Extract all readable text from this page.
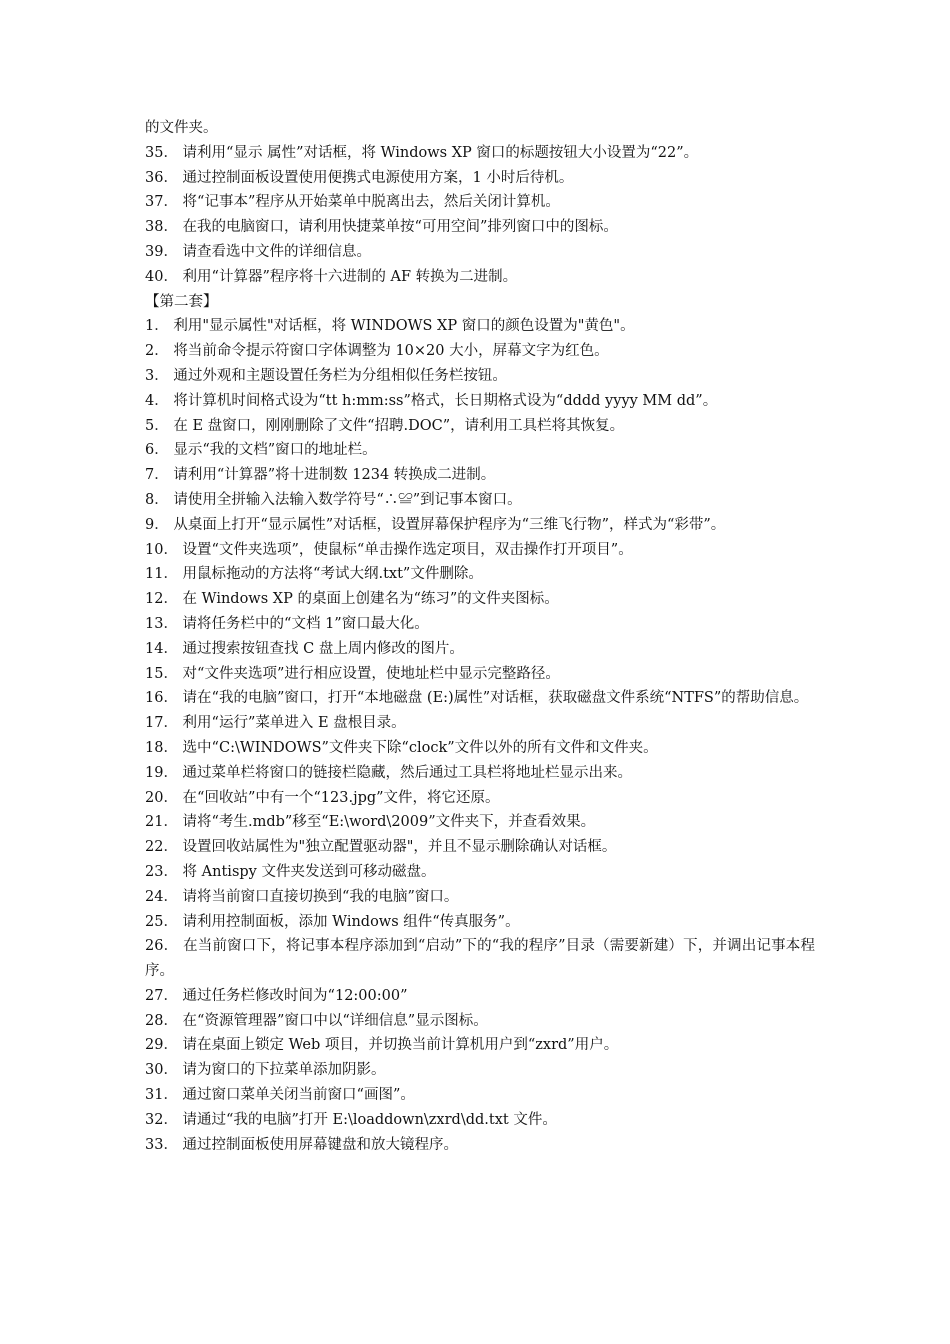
的文件夹。

35． 请利用“显示 属性”对话框，将 Windows XP 窗口的标题按钮大小设置为“22”。

36． 通过控制面板设置使用便携式电源使用方案，1 小时后待机。

37． 将“记事本”程序从开始菜单中脱离出去，然后关闭计算机。

38． 在我的电脑窗口，请利用快捷菜单按“可用空间”排列窗口中的图标。

39． 请查看选中文件的详细信息。

40． 利用“计算器”程序将十六进制的 AF 转换为二进制。

【第二套】

1． 利用"显示属性"对话框，将 WINDOWS XP 窗口的颜色设置为"黄色"。

2． 将当前命令提示符窗口字体调整为 10×20 大小，屏幕文字为红色。

3． 通过外观和主题设置任务栏为分组相似任务栏按钮。

4． 将计算机时间格式设为“tt h:mm:ss”格式，长日期格式设为“dddd yyyy MM dd”。

5． 在 E 盘窗口，刚刚删除了文件“招聘.DOC”，请利用工具栏将其恢复。

6． 显示“我的文档”窗口的地址栏。

7． 请利用“计算器”将十进制数 1234 转换成二进制。

8． 请使用全拼输入法输入数学符号“∴≌”到记事本窗口。

9． 从桌面上打开“显示属性”对话框，设置屏幕保护程序为“三维飞行物”，样式为“彩带”。

10． 设置“文件夹选项”，使鼠标“单击操作选定项目，双击操作打开项目”。

11． 用鼠标拖动的方法将“考试大纲.txt”文件删除。

12． 在 Windows XP 的桌面上创建名为“练习”的文件夹图标。

13． 请将任务栏中的“文档 1”窗口最大化。

14． 通过搜索按钮查找 C 盘上周内修改的图片。

15． 对“文件夹选项”进行相应设置，使地址栏中显示完整路径。

16． 请在“我的电脑”窗口，打开“本地磁盘 (E:)属性”对话框，获取磁盘文件系统“NTFS”的帮助信息。

17． 利用“运行”菜单进入 E 盘根目录。

18． 选中“C:\WINDOWS”文件夹下除“clock”文件以外的所有文件和文件夹。

19． 通过菜单栏将窗口的链接栏隐藏，然后通过工具栏将地址栏显示出来。

20． 在“回收站”中有一个“123.jpg”文件，将它还原。

21． 请将“考生.mdb”移至“E:\word\2009”文件夹下，并查看效果。

22． 设置回收站属性为"独立配置驱动器"，并且不显示删除确认对话框。

23． 将 Antispy 文件夹发送到可移动磁盘。

24． 请将当前窗口直接切换到“我的电脑”窗口。

25． 请利用控制面板，添加 Windows 组件“传真服务”。

26． 在当前窗口下，将记事本程序添加到“启动”下的“我的程序”目录（需要新建）下，并调出记事本程序。

27． 通过任务栏修改时间为“12:00:00”

28． 在“资源管理器”窗口中以“详细信息”显示图标。

29． 请在桌面上锁定 Web 项目，并切换当前计算机用户到“zxrd”用户。

30． 请为窗口的下拉菜单添加阴影。

31． 通过窗口菜单关闭当前窗口“画图”。

32． 请通过“我的电脑”打开 E:\loaddown\zxrd\dd.txt 文件。

33． 通过控制面板使用屏幕键盘和放大镜程序。
